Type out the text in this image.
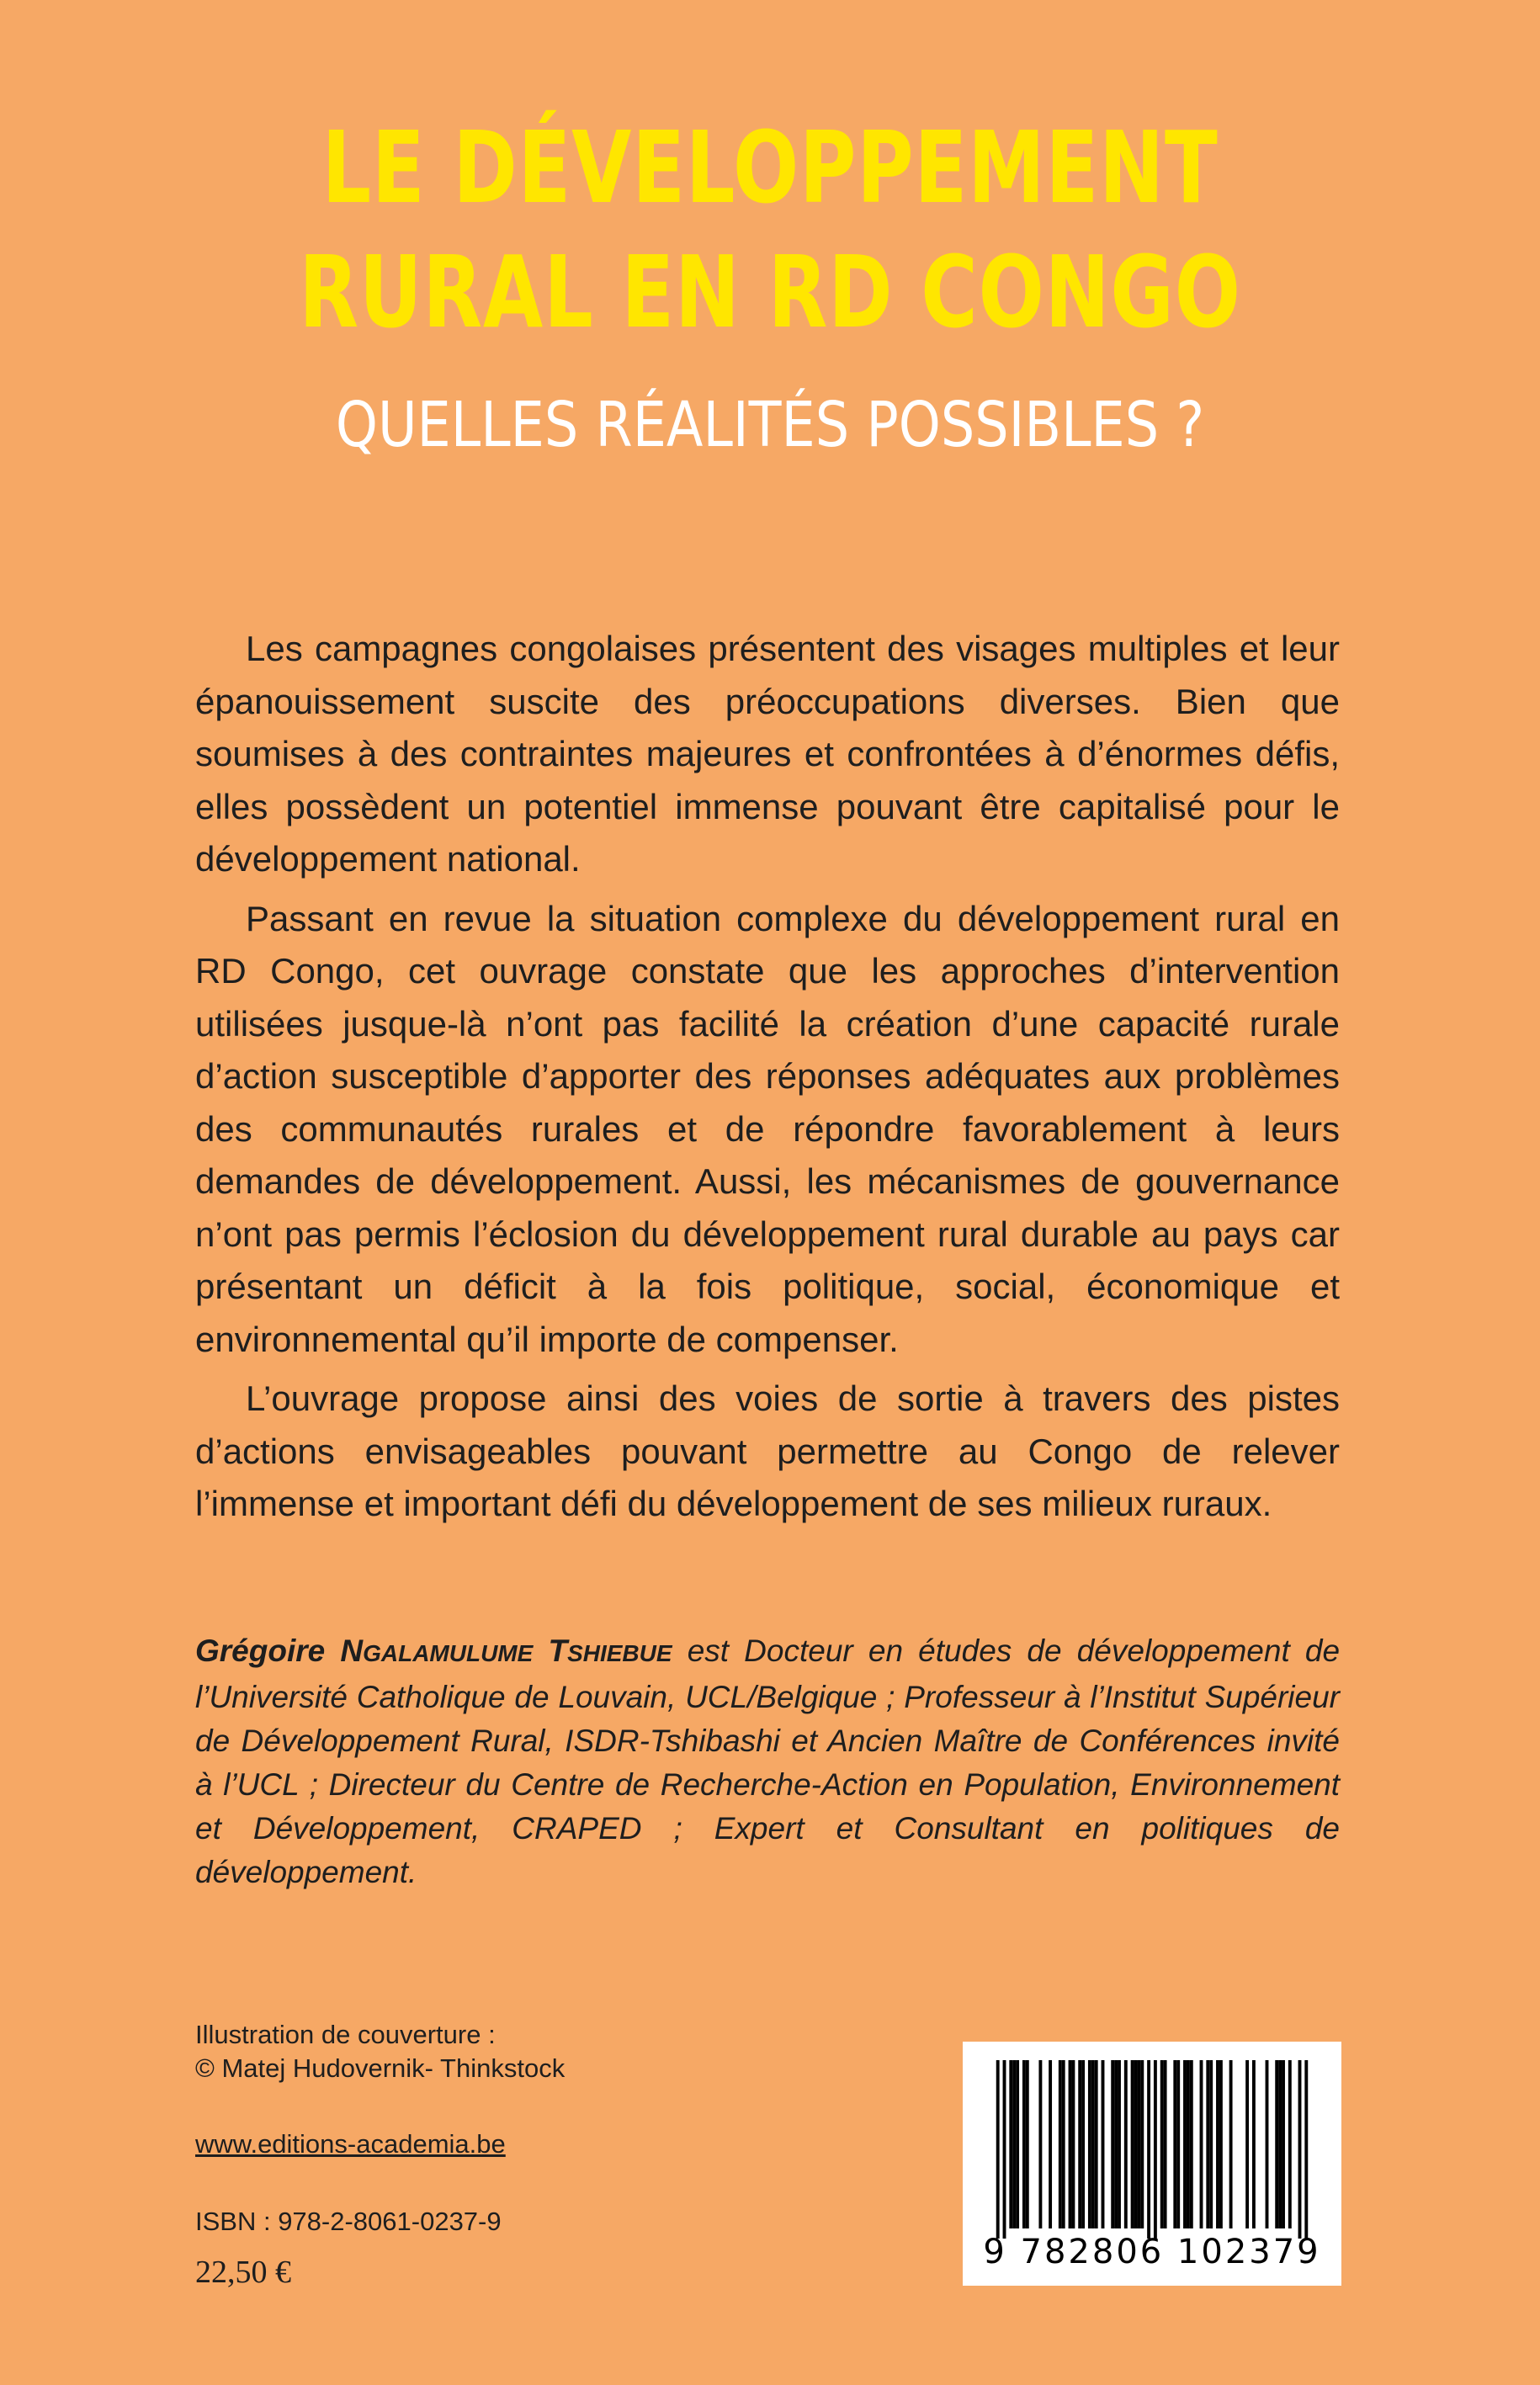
LE DÉVELOPPEMENT
RURAL EN RD CONGO
QUELLES RÉALITÉS POSSIBLES ?

Les campagnes congolaises présentent des visages multiples et leur épanouissement suscite des préoccupations diverses. Bien que soumises à des contraintes majeures et confrontées à d’énormes défis, elles possèdent un potentiel immense pouvant être capitalisé pour le développement national.

Passant en revue la situation complexe du développement rural en RD Congo, cet ouvrage constate que les approches d’intervention utilisées jusque-là n’ont pas facilité la création d’une capacité rurale d’action susceptible d’apporter des réponses adéquates aux problèmes des communautés rurales et de répondre favorablement à leurs demandes de développement. Aussi, les mécanismes de gouvernance n’ont pas permis l’éclosion du développement rural durable au pays car présentant un déficit à la fois politique, social, économique et environnemental qu’il importe de compenser.

L’ouvrage propose ainsi des voies de sortie à travers des pistes d’actions envisageables pouvant permettre au Congo de relever l’immense et important défi du développement de ses milieux ruraux.

Grégoire NGALAMULUME TSHIEBUE est Docteur en études de développement de l’Université Catholique de Louvain, UCL/Belgique ; Professeur à l’Institut Supérieur de Développement Rural, ISDR-Tshibashi et Ancien Maître de Conférences invité à l’UCL ; Directeur du Centre de Recherche-Action en Population, Environnement et Développement, CRAPED ; Expert et Consultant en politiques de développement.

Illustration de couverture :
© Matej Hudovernik- Thinkstock
www.editions-academia.be
ISBN : 978-2-8061-0237-9
22,50 €
9 782806 102379
